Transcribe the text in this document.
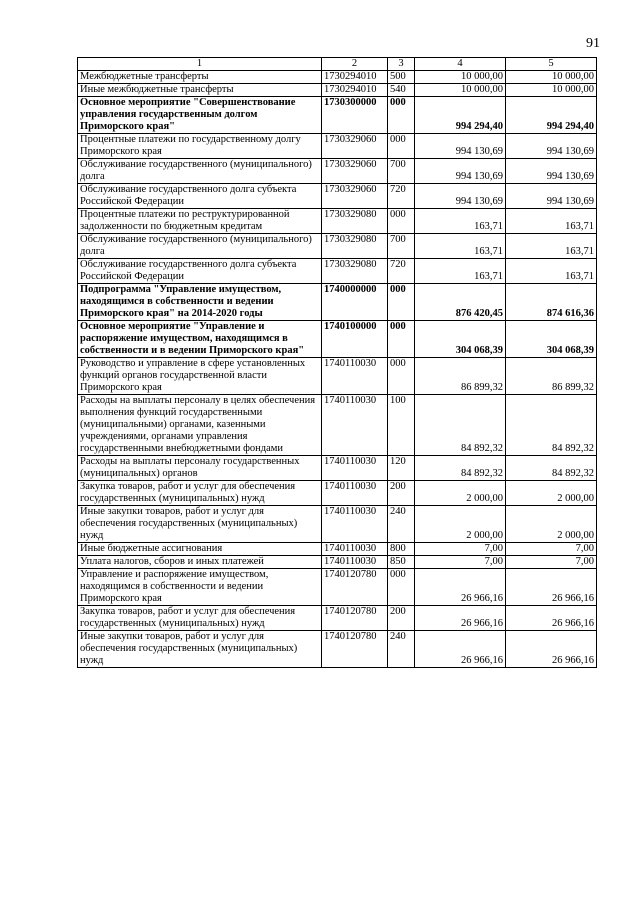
91
1	2	3	4	5
Межбюджетные трансферты	1730294010	500	10 000,00	10 000,00
Иные межбюджетные трансферты	1730294010	540	10 000,00	10 000,00
Основное мероприятие "Совершенствование управления государственным долгом Приморского края"	1730300000	000	994 294,40	994 294,40
Процентные платежи по государственному долгу Приморского края	1730329060	000	994 130,69	994 130,69
Обслуживание государственного (муниципального) долга	1730329060	700	994 130,69	994 130,69
Обслуживание государственного долга субъекта Российской Федерации	1730329060	720	994 130,69	994 130,69
Процентные платежи по реструктурированной задолженности по бюджетным кредитам	1730329080	000	163,71	163,71
Обслуживание государственного (муниципального) долга	1730329080	700	163,71	163,71
Обслуживание государственного долга субъекта Российской Федерации	1730329080	720	163,71	163,71
Подпрограмма "Управление имуществом, находящимся в собственности и ведении Приморского края" на 2014-2020 годы	1740000000	000	876 420,45	874 616,36
Основное мероприятие "Управление и распоряжение имуществом, находящимся в собственности и в ведении Приморского края"	1740100000	000	304 068,39	304 068,39
Руководство и управление в сфере установленных функций органов государственной власти Приморского края	1740110030	000	86 899,32	86 899,32
Расходы на выплаты персоналу в целях обеспечения выполнения функций государственными (муниципальными) органами, казенными учреждениями, органами управления государственными внебюджетными фондами	1740110030	100	84 892,32	84 892,32
Расходы на выплаты персоналу государственных (муниципальных) органов	1740110030	120	84 892,32	84 892,32
Закупка товаров, работ и услуг для обеспечения государственных (муниципальных) нужд	1740110030	200	2 000,00	2 000,00
Иные закупки товаров, работ и услуг для обеспечения государственных (муниципальных) нужд	1740110030	240	2 000,00	2 000,00
Иные бюджетные ассигнования	1740110030	800	7,00	7,00
Уплата налогов, сборов и иных платежей	1740110030	850	7,00	7,00
Управление и распоряжение имуществом, находящимся в собственности и ведении Приморского края	1740120780	000	26 966,16	26 966,16
Закупка товаров, работ и услуг для обеспечения государственных (муниципальных) нужд	1740120780	200	26 966,16	26 966,16
Иные закупки товаров, работ и услуг для обеспечения государственных (муниципальных) нужд	1740120780	240	26 966,16	26 966,16
